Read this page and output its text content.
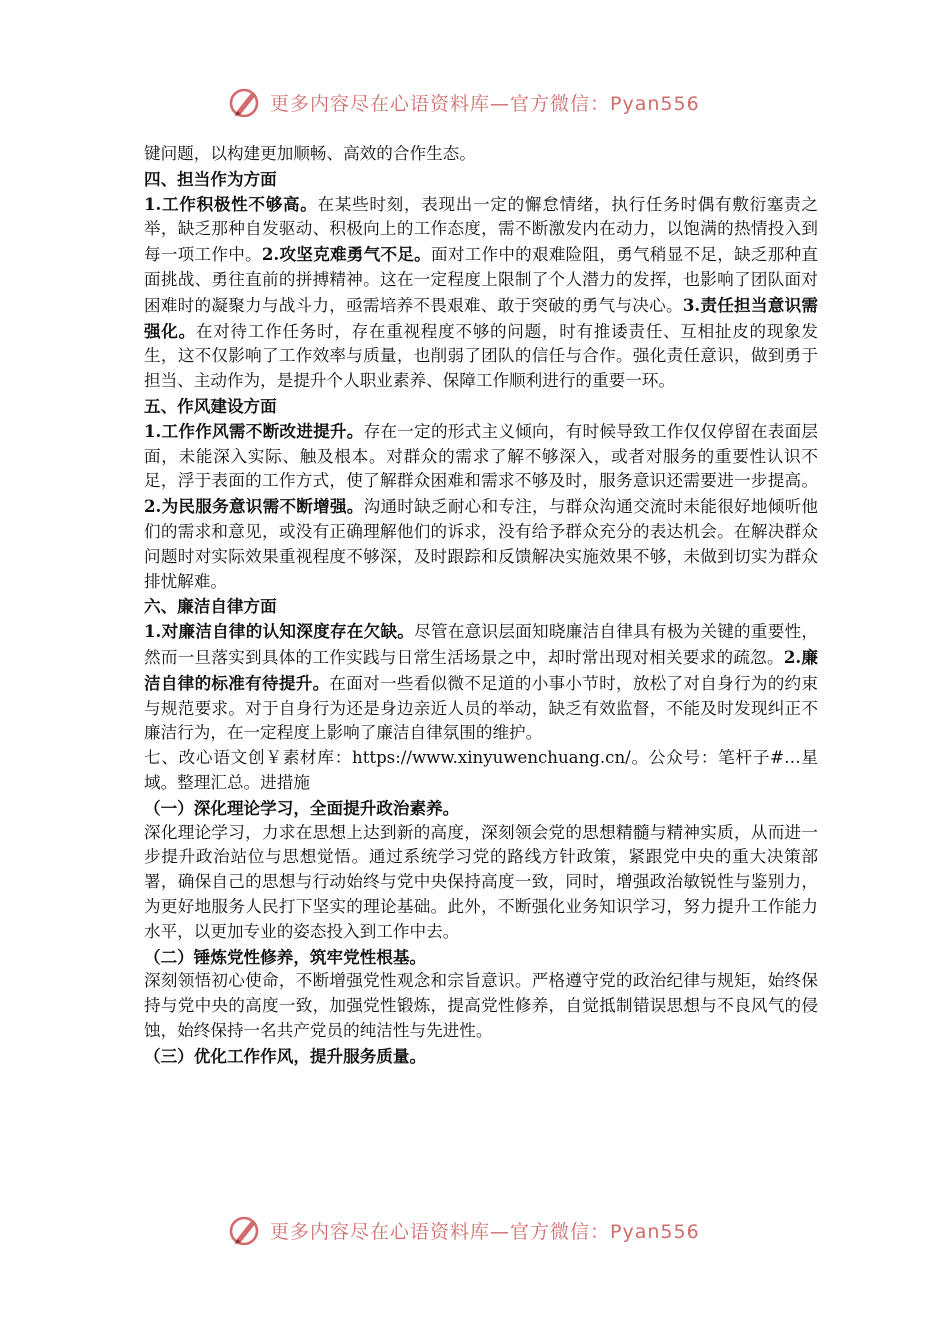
更多内容尽在心语资料库—官方微信：Pyan556

键问题，以构建更加顺畅、高效的合作生态。

四、担当作为方面

1.工作积极性不够高。在某些时刻，表现出一定的懈怠情绪，执行任务时偶有敷衍塞责之举，缺乏那种自发驱动、积极向上的工作态度，需不断激发内在动力，以饱满的热情投入到每一项工作中。2.攻坚克难勇气不足。面对工作中的艰难险阻，勇气稍显不足，缺乏那种直面挑战、勇往直前的拼搏精神。这在一定程度上限制了个人潜力的发挥，也影响了团队面对困难时的凝聚力与战斗力，亟需培养不畏艰难、敢于突破的勇气与决心。3.责任担当意识需强化。在对待工作任务时，存在重视程度不够的问题，时有推诿责任、互相扯皮的现象发生，这不仅影响了工作效率与质量，也削弱了团队的信任与合作。强化责任意识，做到勇于担当、主动作为，是提升个人职业素养、保障工作顺利进行的重要一环。

五、作风建设方面

1.工作作风需不断改进提升。存在一定的形式主义倾向，有时候导致工作仅仅停留在表面层面，未能深入实际、触及根本。对群众的需求了解不够深入，或者对服务的重要性认识不足，浮于表面的工作方式，使了解群众困难和需求不够及时，服务意识还需要进一步提高。2.为民服务意识需不断增强。沟通时缺乏耐心和专注，与群众沟通交流时未能很好地倾听他们的需求和意见，或没有正确理解他们的诉求，没有给予群众充分的表达机会。在解决群众问题时对实际效果重视程度不够深，及时跟踪和反馈解决实施效果不够，未做到切实为群众排忧解难。

六、廉洁自律方面

1.对廉洁自律的认知深度存在欠缺。尽管在意识层面知晓廉洁自律具有极为关键的重要性，然而一旦落实到具体的工作实践与日常生活场景之中，却时常出现对相关要求的疏忽。2.廉洁自律的标准有待提升。在面对一些看似微不足道的小事小节时，放松了对自身行为的约束与规范要求。对于自身行为还是身边亲近人员的举动，缺乏有效监督，不能及时发现纠正不廉洁行为，在一定程度上影响了廉洁自律氛围的维护。

七、改心语文创￥素材库：https://www.xinyuwenchuang.cn/。公众号：笔杆子#…星域。整理汇总。进措施

（一）深化理论学习，全面提升政治素养。

深化理论学习，力求在思想上达到新的高度，深刻领会党的思想精髓与精神实质，从而进一步提升政治站位与思想觉悟。通过系统学习党的路线方针政策，紧跟党中央的重大决策部署，确保自己的思想与行动始终与党中央保持高度一致，同时，增强政治敏锐性与鉴别力，为更好地服务人民打下坚实的理论基础。此外，不断强化业务知识学习，努力提升工作能力水平，以更加专业的姿态投入到工作中去。

（二）锤炼党性修养，筑牢党性根基。

深刻领悟初心使命，不断增强党性观念和宗旨意识。严格遵守党的政治纪律与规矩，始终保持与党中央的高度一致，加强党性锻炼，提高党性修养，自觉抵制错误思想与不良风气的侵蚀，始终保持一名共产党员的纯洁性与先进性。

（三）优化工作作风，提升服务质量。

更多内容尽在心语资料库—官方微信：Pyan556
